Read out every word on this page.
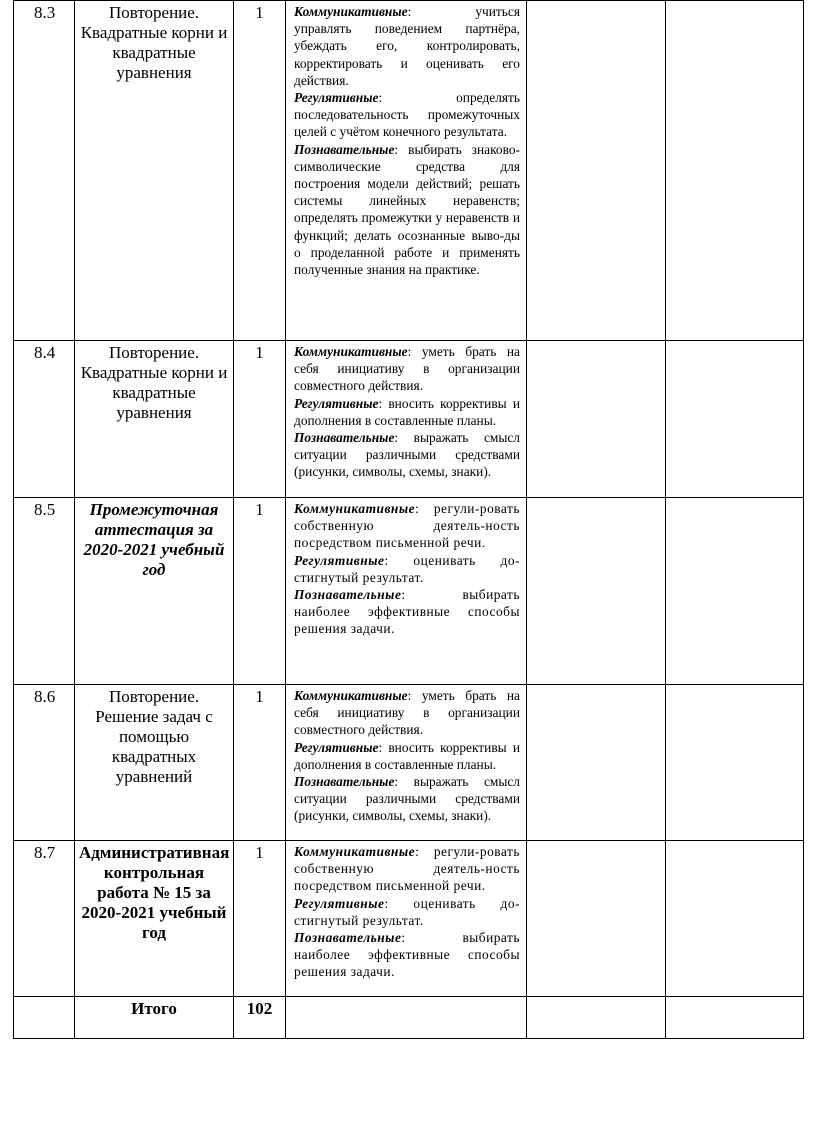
8.3	Повторение. Квадратные корни и квадратные уравнения	1	Коммуникативные: учиться управлять поведением партнёра, убеждать его, контролировать, корректировать и оценивать его действия.

Регулятивные: определять последовательность промежуточных целей с учётом конечного результата.

Познавательные: выбирать знаково-символические средства для построения модели действий; решать системы линейных неравенств; определять промежутки у неравенств и функций; делать осознанные выво-ды о проделанной работе и применять полученные знания на практике.		

8.4	Повторение. Квадратные корни и квадратные уравнения	1	Коммуникативные: уметь брать на себя инициативу в организации совместного действия.

Регулятивные: вносить коррективы и дополнения в составленные планы.

Познавательные: выражать смысл ситуации различными средствами (рисунки, символы, схемы, знаки).		

8.5	Промежуточная аттестация за 2020-2021 учебный год	1	Коммуникативные: регули-ровать собственную деятель-ность посредством письменной речи.

Регулятивные: оценивать до-стигнутый результат.

Познавательные: выбирать наиболее эффективные способы решения задачи.		

8.6	Повторение. Решение задач с помощью квадратных уравнений	1	Коммуникативные: уметь брать на себя инициативу в организации совместного действия.

Регулятивные: вносить коррективы и дополнения в составленные планы.

Познавательные: выражать смысл ситуации различными средствами (рисунки, символы, схемы, знаки).		

8.7	Административная контрольная работа № 15 за 2020-2021 учебный год	1	Коммуникативные: регули-ровать собственную деятель-ность посредством письменной речи.

Регулятивные: оценивать до-стигнутый результат.

Познавательные: выбирать наиболее эффективные способы решения задачи.		

	Итого	102			
